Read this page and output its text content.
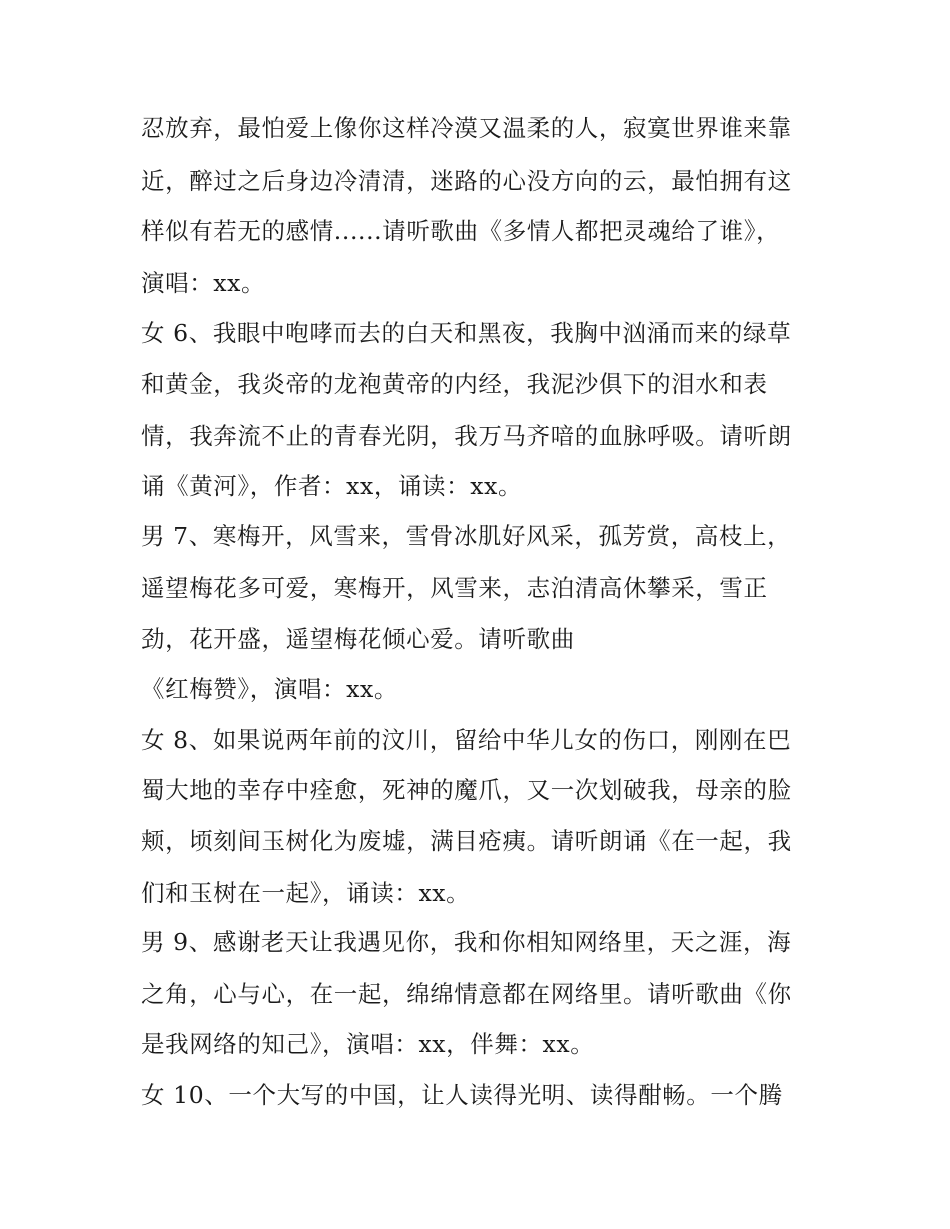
忍放弃，最怕爱上像你这样冷漠又温柔的人，寂寞世界谁来靠
近，醉过之后身边冷清清，迷路的心没方向的云，最怕拥有这
样似有若无的感情......请听歌曲《多情人都把灵魂给了谁》，
演唱：xx。
女 6、我眼中咆哮而去的白天和黑夜，我胸中汹涌而来的绿草
和黄金，我炎帝的龙袍黄帝的内经，我泥沙俱下的泪水和表
情，我奔流不止的青春光阴，我万马齐喑的血脉呼吸。请听朗
诵《黄河》，作者：xx，诵读：xx。
男 7、寒梅开，风雪来，雪骨冰肌好风采，孤芳赏，高枝上，
遥望梅花多可爱，寒梅开，风雪来，志泊清高休攀采，雪正
劲，花开盛，遥望梅花倾心爱。请听歌曲
《红梅赞》，演唱：xx。
女 8、如果说两年前的汶川，留给中华儿女的伤口，刚刚在巴
蜀大地的幸存中痊愈，死神的魔爪，又一次划破我，母亲的脸
颊，顷刻间玉树化为废墟，满目疮痍。请听朗诵《在一起，我
们和玉树在一起》，诵读：xx。
男 9、感谢老天让我遇见你，我和你相知网络里，天之涯，海
之角，心与心，在一起，绵绵情意都在网络里。请听歌曲《你
是我网络的知己》，演唱：xx，伴舞：xx。
女 10、一个大写的中国，让人读得光明、读得酣畅。一个腾
